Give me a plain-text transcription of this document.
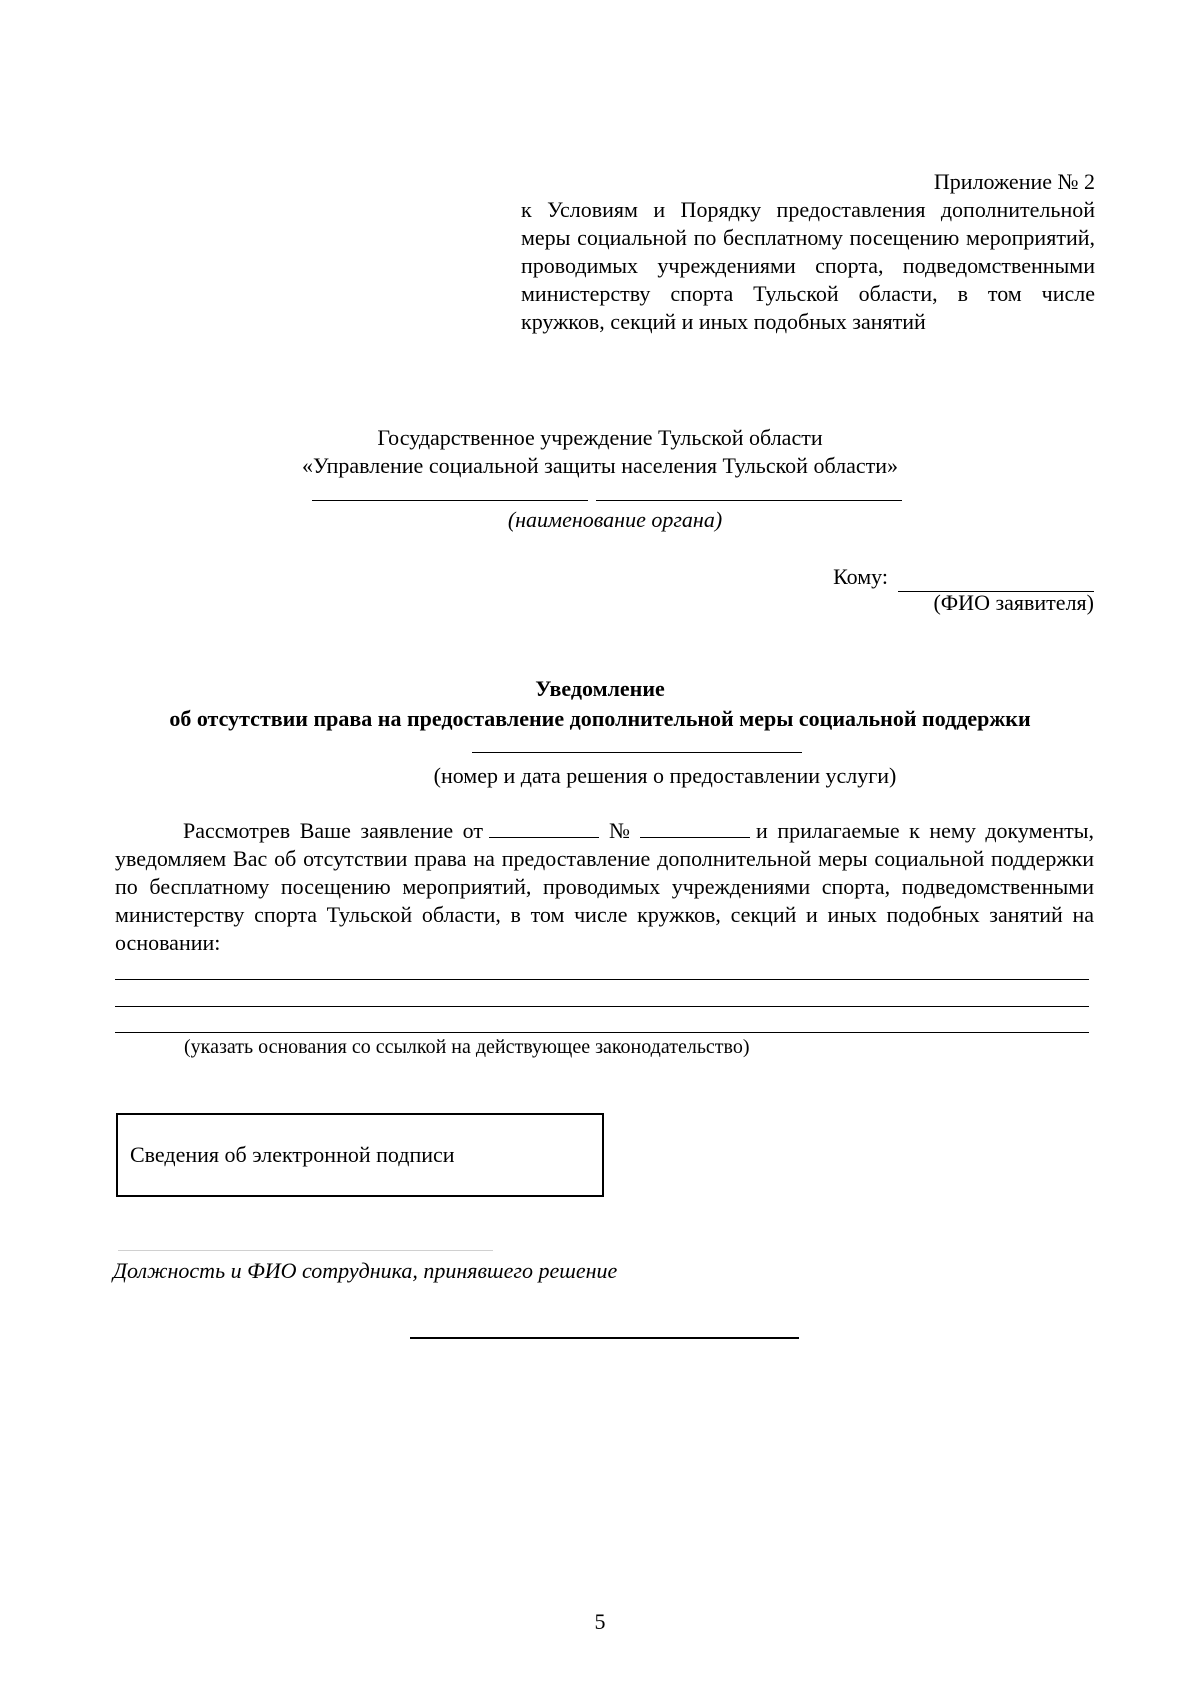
Приложение № 2
к Условиям и Порядку предоставления дополнительной меры социальной по бесплатному посещению мероприятий, проводимых учреждениями спорта, подведомственными министерству спорта Тульской области, в том числе кружков, секций и иных подобных занятий
Государственное учреждение Тульской области
«Управление социальной защиты населения Тульской области»
(наименование органа)
Кому:
(ФИО заявителя)
Уведомление
об отсутствии права на предоставление дополнительной меры социальной поддержки
(номер и дата решения о предоставлении услуги)
Рассмотрев Ваше заявление от	№	и прилагаемые к нему документы, уведомляем Вас об отсутствии права на предоставление дополнительной меры социальной поддержки по бесплатному посещению мероприятий, проводимых учреждениями спорта, подведомственными министерству спорта Тульской области, в том числе кружков, секций и иных подобных занятий на основании:
(указать основания со ссылкой на действующее законодательство)
Сведения об электронной подписи
Должность и ФИО сотрудника, принявшего решение
5
